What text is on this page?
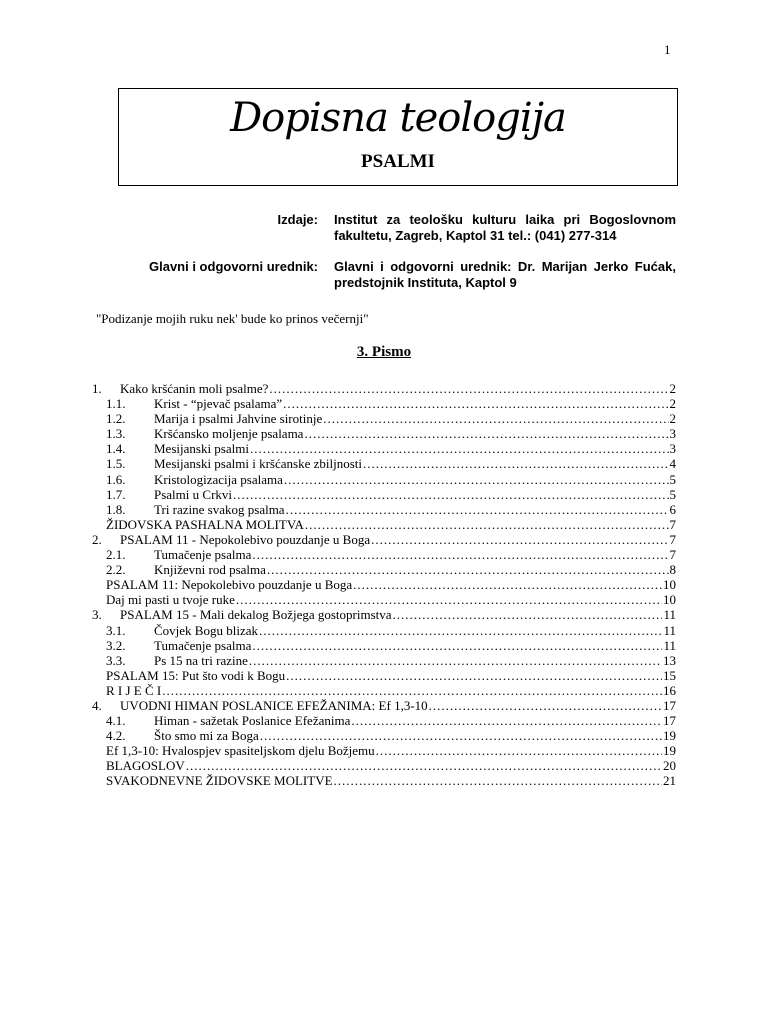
1
Dopisna teologija
PSALMI
Izdaje: Institut za teološku kulturu laika pri Bogoslovnom fakultetu, Zagreb, Kaptol 31 tel.: (041) 277-314
Glavni i odgovorni urednik: Glavni i odgovorni urednik: Dr. Marijan Jerko Fućak, predstojnik Instituta, Kaptol 9
"Podizanje mojih ruku nek' bude ko prinos večernji"
3. Pismo
1.	Kako kršćanin moli psalme? .....	2
1.1.	Krist - “pjevač psalama” .....	2
1.2.	Marija i psalmi Jahvine sirotinje .....	2
1.3.	Kršćansko moljenje psalama .....	3
1.4.	Mesijanski psalmi .....	3
1.5.	Mesijanski psalmi i kršćanske zbiljnosti .....	4
1.6.	Kristologizacija psalama .....	5
1.7.	Psalmi u Crkvi .....	5
1.8.	Tri razine svakog psalma .....	6
ŽIDOVSKA PASHALNA MOLITVA .....	7
2.	PSALAM 11 - Nepokolebivo pouzdanje u Boga .....	7
2.1.	Tumačenje psalma .....	7
2.2.	Književni rod psalma .....	8
PSALAM 11: Nepokolebivo pouzdanje u Boga .....	10
Daj mi pasti u tvoje ruke .....	10
3.	PSALAM 15 - Mali dekalog Božjega gostoprimstva .....	11
3.1.	Čovjek Bogu blizak .....	11
3.2.	Tumačenje psalma .....	11
3.3.	Ps 15 na tri razine .....	13
PSALAM 15: Put što vodi k Bogu .....	15
R I J E Č I .....	16
4.	UVODNI HIMAN POSLANICE EFEŽANIMA: Ef 1,3-10 .....	17
4.1.	Himan - sažetak Poslanice Efežanima .....	17
4.2.	Što smo mi za Boga .....	19
Ef 1,3-10: Hvalospjev spasiteljskom djelu Božjemu .....	19
BLAGOSLOV .....	20
SVAKODNEVNE ŽIDOVSKE MOLITVE .....	21
